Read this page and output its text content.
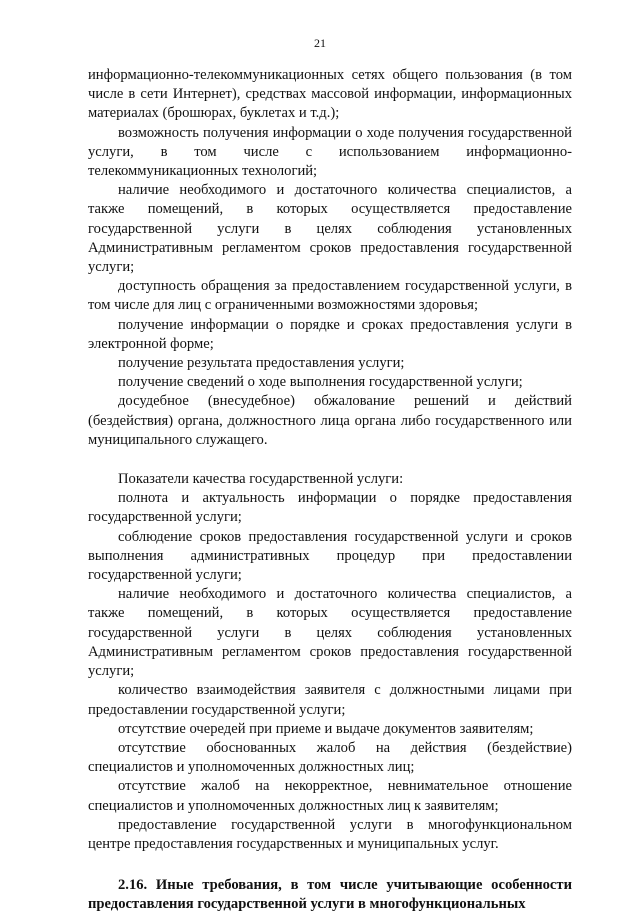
21

информационно-телекоммуникационных сетях общего пользования (в том числе в сети Интернет), средствах массовой информации, информационных материалах (брошюрах, буклетах и т.д.);

возможность получения информации о ходе получения государственной услуги, в том числе с использованием информационно-телекоммуникационных технологий;

наличие необходимого и достаточного количества специалистов, а также помещений, в которых осуществляется предоставление государственной услуги в целях соблюдения установленных Административным регламентом сроков предоставления государственной услуги;

доступность обращения за предоставлением государственной услуги, в том числе для лиц с ограниченными возможностями здоровья;

получение информации о порядке и сроках предоставления услуги в электронной форме;

получение результата предоставления услуги;

получение сведений о ходе выполнения государственной услуги;

досудебное (внесудебное) обжалование решений и действий (бездействия) органа, должностного лица органа либо государственного или муниципального служащего.

Показатели качества государственной услуги:

полнота и актуальность информации о порядке предоставления государственной услуги;

соблюдение сроков предоставления государственной услуги и сроков выполнения административных процедур при предоставлении государственной услуги;

наличие необходимого и достаточного количества специалистов, а также помещений, в которых осуществляется предоставление государственной услуги в целях соблюдения установленных Административным регламентом сроков предоставления государственной услуги;

количество взаимодействия заявителя с должностными лицами при предоставлении государственной услуги;

отсутствие очередей при приеме и выдаче документов заявителям;

отсутствие обоснованных жалоб на действия (бездействие) специалистов и уполномоченных должностных лиц;

отсутствие жалоб на некорректное, невнимательное отношение специалистов и уполномоченных должностных лиц к заявителям;

предоставление государственной услуги в многофункциональном центре предоставления государственных и муниципальных услуг.

2.16. Иные требования, в том числе учитывающие особенности предоставления государственной услуги в многофункциональных
